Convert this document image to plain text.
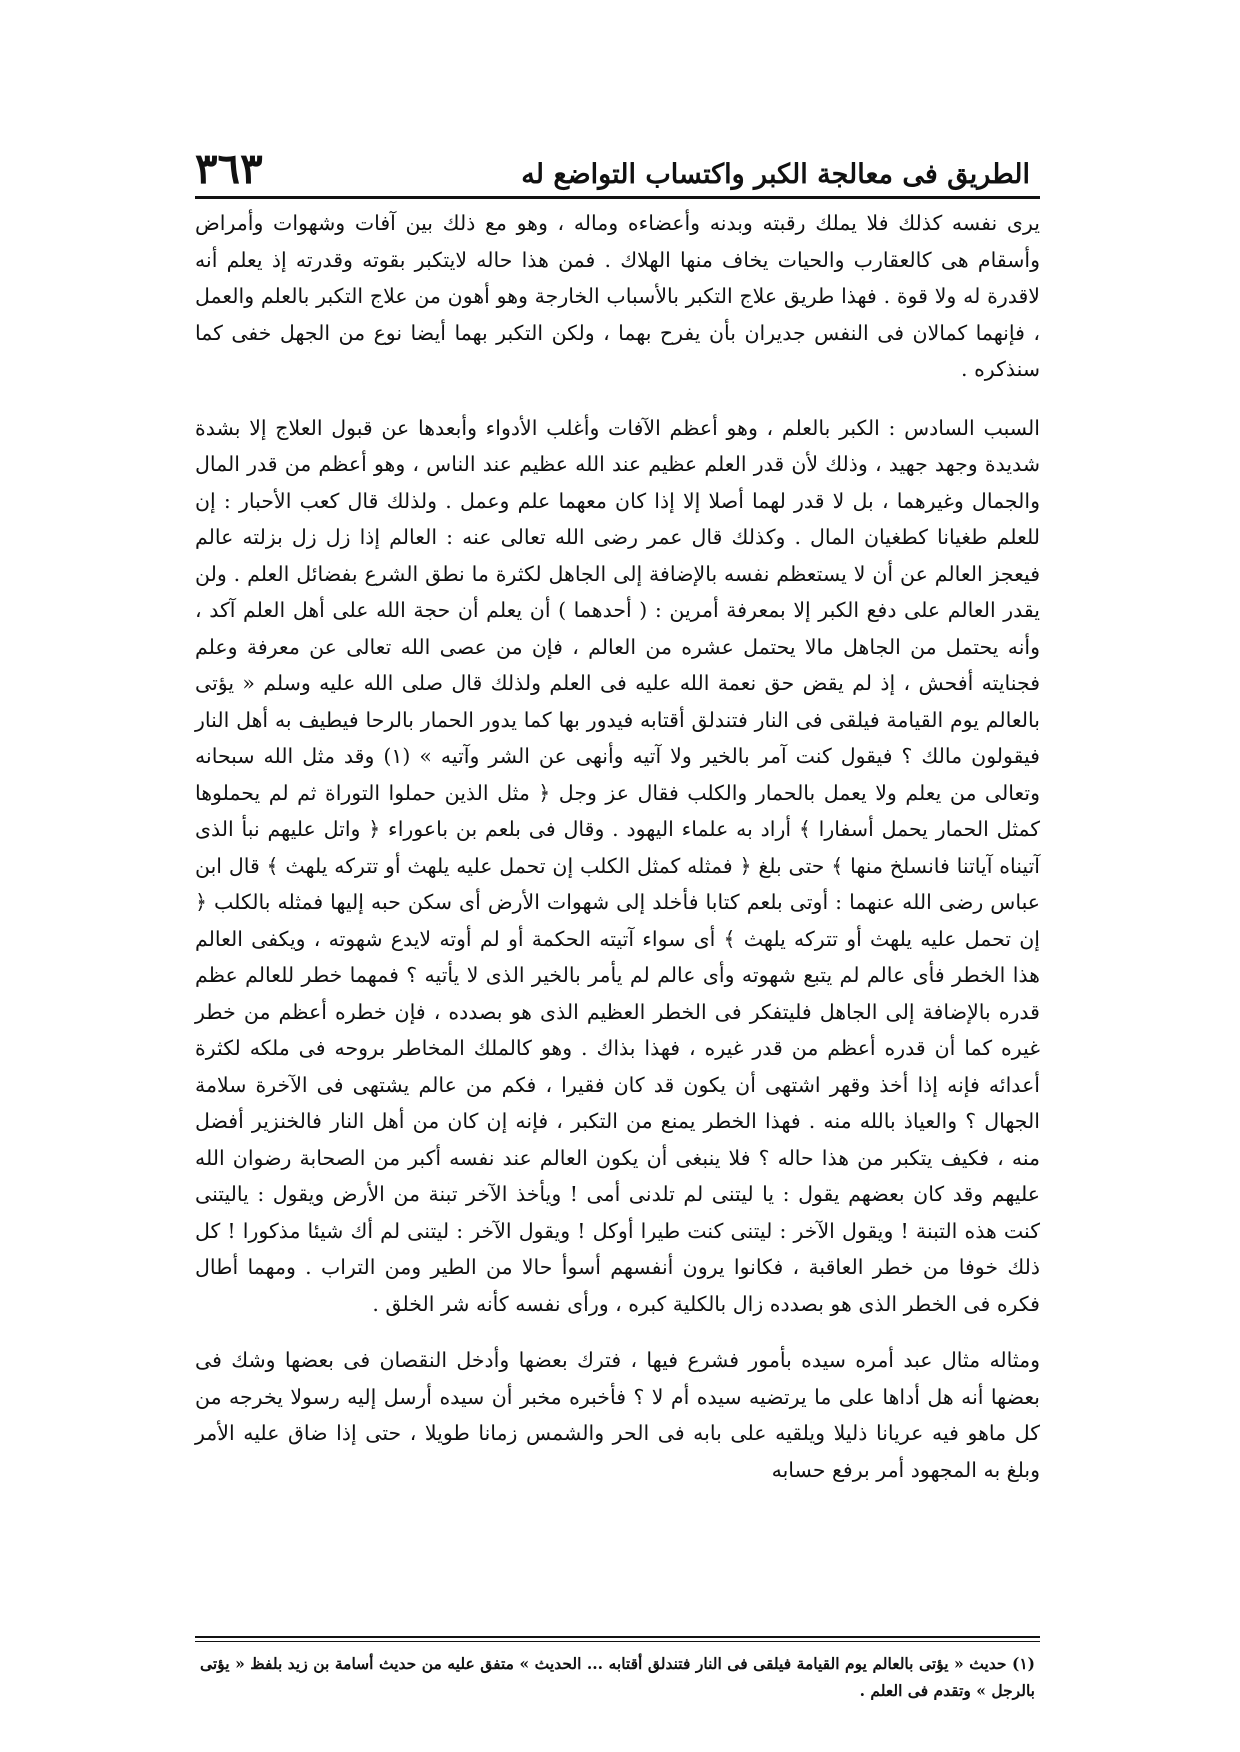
الطريق فى معالجة الكبر واكتساب التواضع له
٣٦٣

يرى نفسه كذلك فلا يملك رقبته وبدنه وأعضاءه وماله ، وهو مع ذلك بين آفات وشهوات وأمراض وأسقام هى كالعقارب والحيات يخاف منها الهلاك . فمن هذا حاله لايتكبر بقوته وقدرته إذ يعلم أنه لاقدرة له ولا قوة . فهذا طريق علاج التكبر بالأسباب الخارجة وهو أهون من علاج التكبر بالعلم والعمل ، فإنهما كمالان فى النفس جديران بأن يفرح بهما ، ولكن التكبر بهما أيضا نوع من الجهل خفى كما سنذكره .

السبب السادس : الكبر بالعلم ، وهو أعظم الآفات وأغلب الأدواء وأبعدها عن قبول العلاج إلا بشدة شديدة وجهد جهيد ، وذلك لأن قدر العلم عظيم عند الله عظيم عند الناس ، وهو أعظم من قدر المال والجمال وغيرهما ، بل لا قدر لهما أصلا إلا إذا كان معهما علم وعمل . ولذلك قال كعب الأحبار : إن للعلم طغيانا كطغيان المال . وكذلك قال عمر رضى الله تعالى عنه : العالم إذا زل زل بزلته عالم فيعجز العالم عن أن لا يستعظم نفسه بالإضافة إلى الجاهل لكثرة ما نطق الشرع بفضائل العلم . ولن يقدر العالم على دفع الكبر إلا بمعرفة أمرين : ( أحدهما ) أن يعلم أن حجة الله على أهل العلم آكد ، وأنه يحتمل من الجاهل مالا يحتمل عشره من العالم ، فإن من عصى الله تعالى عن معرفة وعلم فجنايته أفحش ، إذ لم يقض حق نعمة الله عليه فى العلم ولذلك قال صلى الله عليه وسلم « يؤتى بالعالم يوم القيامة فيلقى فى النار فتندلق أقتابه فيدور بها كما يدور الحمار بالرحا فيطيف به أهل النار فيقولون مالك ؟ فيقول كنت آمر بالخير ولا آتيه وأنهى عن الشر وآتيه » (١) وقد مثل الله سبحانه وتعالى من يعلم ولا يعمل بالحمار والكلب فقال عز وجل ﴿ مثل الذين حملوا التوراة ثم لم يحملوها كمثل الحمار يحمل أسفارا ﴾ أراد به علماء اليهود . وقال فى بلعم بن باعوراء ﴿ واتل عليهم نبأ الذى آتيناه آياتنا فانسلخ منها ﴾ حتى بلغ ﴿ فمثله كمثل الكلب إن تحمل عليه يلهث أو تتركه يلهث ﴾ قال ابن عباس رضى الله عنهما : أوتى بلعم كتابا فأخلد إلى شهوات الأرض أى سكن حبه إليها فمثله بالكلب ﴿ إن تحمل عليه يلهث أو تتركه يلهث ﴾ أى سواء آتيته الحكمة أو لم أوته لايدع شهوته ، ويكفى العالم هذا الخطر فأى عالم لم يتبع شهوته وأى عالم لم يأمر بالخير الذى لا يأتيه ؟ فمهما خطر للعالم عظم قدره بالإضافة إلى الجاهل فليتفكر فى الخطر العظيم الذى هو بصدده ، فإن خطره أعظم من خطر غيره كما أن قدره أعظم من قدر غيره ، فهذا بذاك . وهو كالملك المخاطر بروحه فى ملكه لكثرة أعدائه فإنه إذا أخذ وقهر اشتهى أن يكون قد كان فقيرا ، فكم من عالم يشتهى فى الآخرة سلامة الجهال ؟ والعياذ بالله منه . فهذا الخطر يمنع من التكبر ، فإنه إن كان من أهل النار فالخنزير أفضل منه ، فكيف يتكبر من هذا حاله ؟ فلا ينبغى أن يكون العالم عند نفسه أكبر من الصحابة رضوان الله عليهم وقد كان بعضهم يقول : يا ليتنى لم تلدنى أمى ! ويأخذ الآخر تبنة من الأرض ويقول : ياليتنى كنت هذه التبنة ! ويقول الآخر : ليتنى كنت طيرا أوكل ! ويقول الآخر : ليتنى لم أك شيئا مذكورا ! كل ذلك خوفا من خطر العاقبة ، فكانوا يرون أنفسهم أسوأ حالا من الطير ومن التراب . ومهما أطال فكره فى الخطر الذى هو بصدده زال بالكلية كبره ، ورأى نفسه كأنه شر الخلق .

ومثاله مثال عبد أمره سيده بأمور فشرع فيها ، فترك بعضها وأدخل النقصان فى بعضها وشك فى بعضها أنه هل أداها على ما يرتضيه سيده أم لا ؟ فأخبره مخبر أن سيده أرسل إليه رسولا يخرجه من كل ماهو فيه عريانا ذليلا ويلقيه على بابه فى الحر والشمس زمانا طويلا ، حتى إذا ضاق عليه الأمر وبلغ به المجهود أمر برفع حسابه

(١) حديث « يؤتى بالعالم يوم القيامة فيلقى فى النار فتندلق أقتابه ... الحديث » متفق عليه من حديث أسامة بن زيد بلفظ « يؤتى بالرجل » وتقدم فى العلم .
